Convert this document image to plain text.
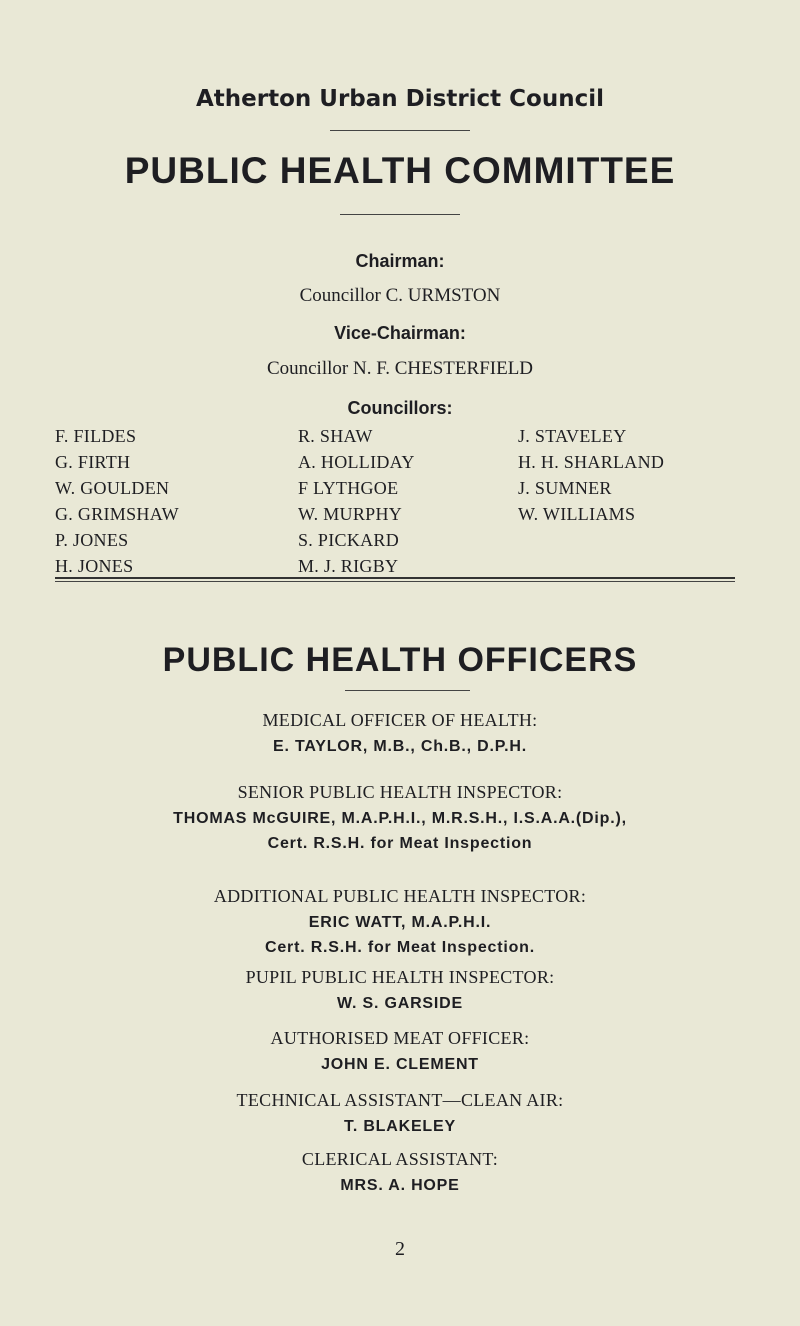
Atherton Urban District Council
PUBLIC HEALTH COMMITTEE
Chairman:
Councillor C. URMSTON
Vice-Chairman:
Councillor N. F. CHESTERFIELD
Councillors:
F. FILDES
G. FIRTH
W. GOULDEN
G. GRIMSHAW
P. JONES
H. JONES
R. SHAW
A. HOLLIDAY
F LYTHGOE
W. MURPHY
S. PICKARD
M. J. RIGBY
J. STAVELEY
H. H. SHARLAND
J. SUMNER
W. WILLIAMS
PUBLIC HEALTH OFFICERS
MEDICAL OFFICER OF HEALTH:
E. TAYLOR, M.B., Ch.B., D.P.H.
SENIOR PUBLIC HEALTH INSPECTOR:
THOMAS McGUIRE, M.A.P.H.I., M.R.S.H., I.S.A.A.(Dip.),
Cert. R.S.H. for Meat Inspection
ADDITIONAL PUBLIC HEALTH INSPECTOR:
ERIC WATT, M.A.P.H.I.
Cert. R.S.H. for Meat Inspection.
PUPIL PUBLIC HEALTH INSPECTOR:
W. S. GARSIDE
AUTHORISED MEAT OFFICER:
JOHN E. CLEMENT
TECHNICAL ASSISTANT—CLEAN AIR:
T. BLAKELEY
CLERICAL ASSISTANT:
MRS. A. HOPE
2
